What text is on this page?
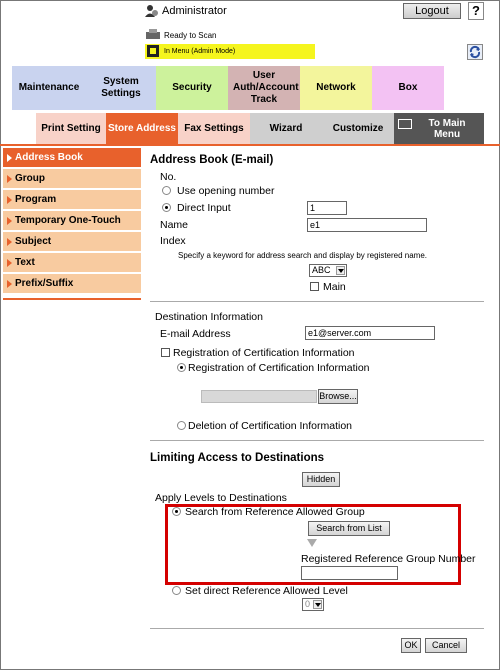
Administrator	Logout	?
Ready to Scan
In Menu (Admin Mode)
Maintenance
System Settings
Security
User Auth/Account Track
Network	Box
Print Setting Store Address Fax Settings	Wizard	Customize	To Main Menu
Address Book
Group
Program
Temporary One-Touch
Subject
Text
Prefix/Suffix
Address Book (E-mail)
No.
Use opening number
Direct Input	1
Name	e1
Index
Specify a keyword for address search and display by registered name.
ABC
Main
Destination Information
E-mail Address	e1@server.com
Registration of Certification Information
Registration of Certification Information
Browse...
Deletion of Certification Information
Limiting Access to Destinations
Hidden
Apply Levels to Destinations
Search from Reference Allowed Group
Search from List
Registered Reference Group Number
Set direct Reference Allowed Level
0
OK	Cancel
